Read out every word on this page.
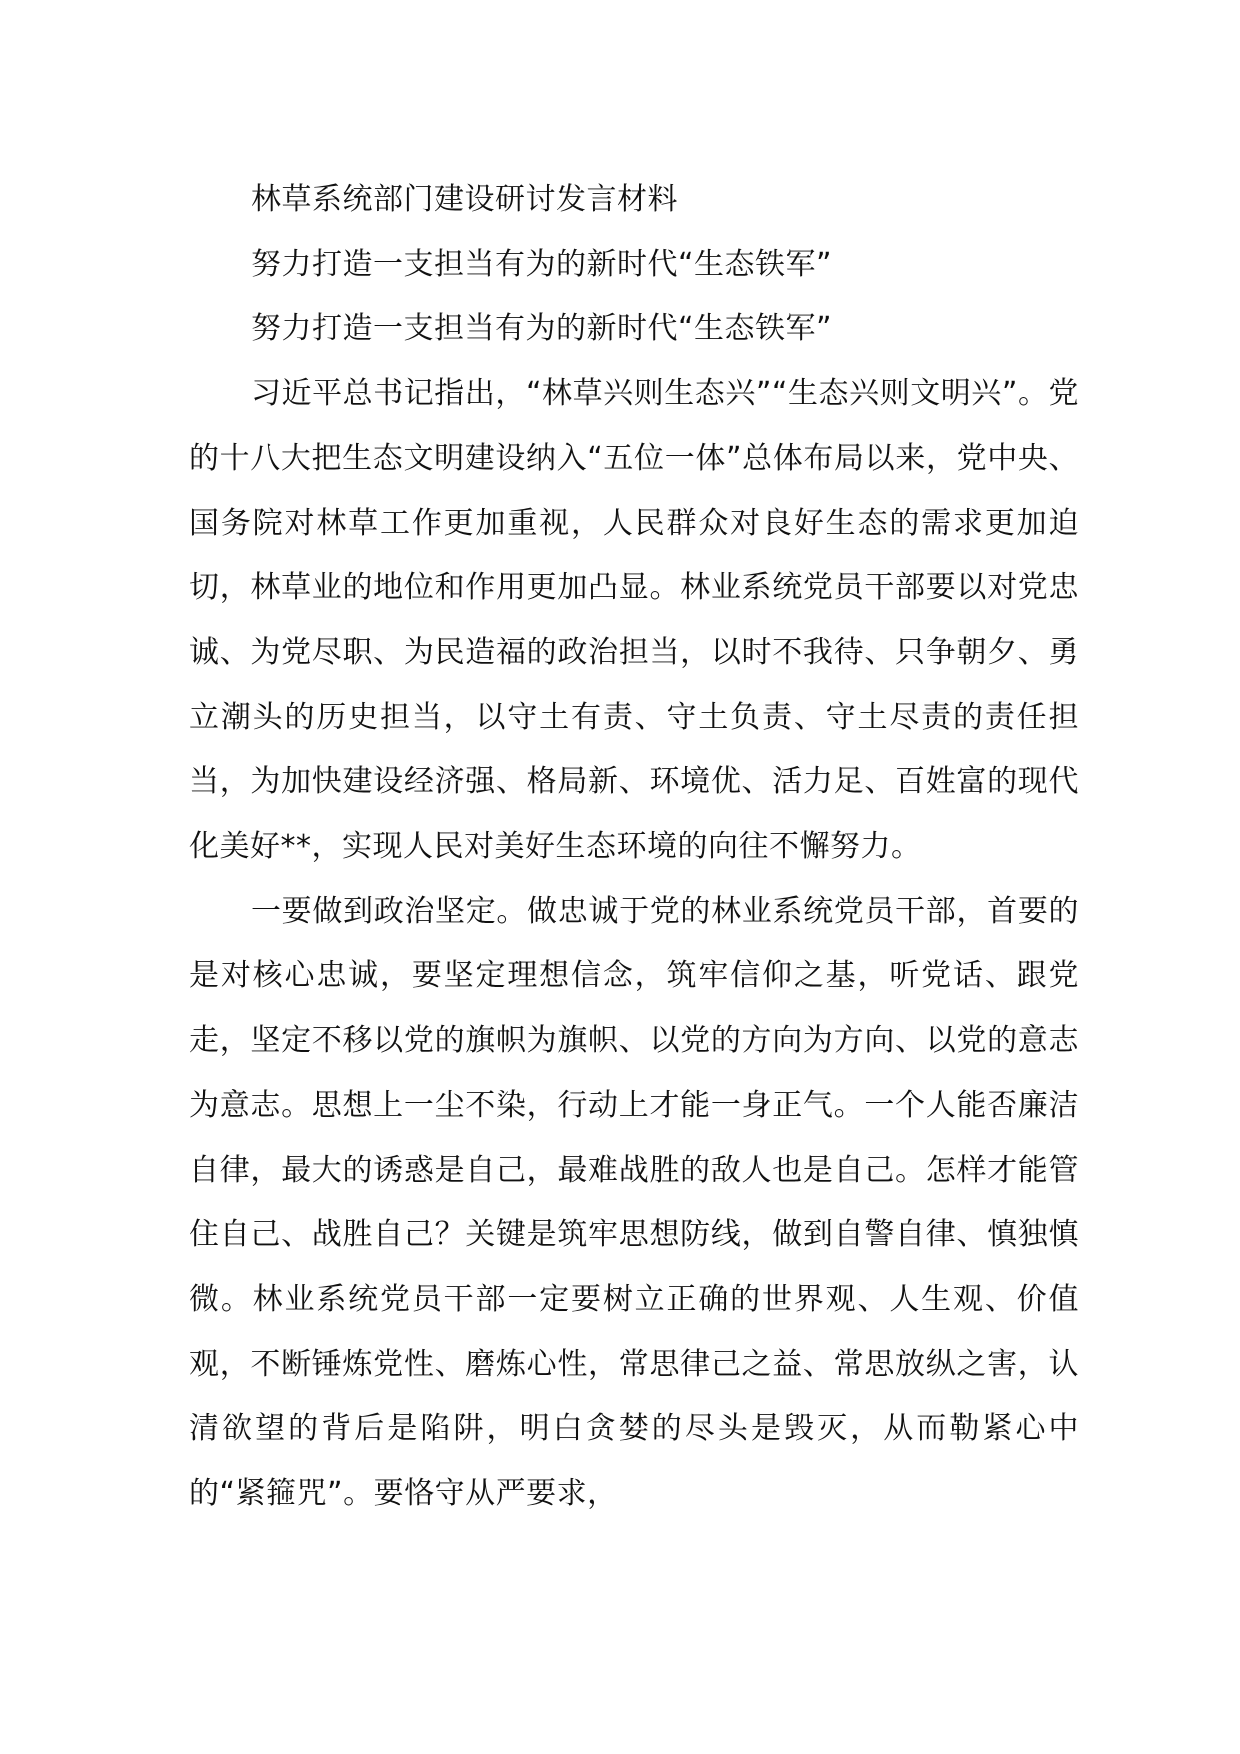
林草系统部门建设研讨发言材料

努力打造一支担当有为的新时代“生态铁军”

努力打造一支担当有为的新时代“生态铁军”

习近平总书记指出，“林草兴则生态兴”“生态兴则文明兴”。党的十八大把生态文明建设纳入“五位一体”总体布局以来，党中央、国务院对林草工作更加重视，人民群众对良好生态的需求更加迫切，林草业的地位和作用更加凸显。林业系统党员干部要以对党忠诚、为党尽职、为民造福的政治担当，以时不我待、只争朝夕、勇立潮头的历史担当，以守土有责、守土负责、守土尽责的责任担当，为加快建设经济强、格局新、环境优、活力足、百姓富的现代化美好**，实现人民对美好生态环境的向往不懈努力。

一要做到政治坚定。做忠诚于党的林业系统党员干部，首要的是对核心忠诚，要坚定理想信念，筑牢信仰之基，听党话、跟党走，坚定不移以党的旗帜为旗帜、以党的方向为方向、以党的意志为意志。思想上一尘不染，行动上才能一身正气。一个人能否廉洁自律，最大的诱惑是自己，最难战胜的敌人也是自己。怎样才能管住自己、战胜自己？关键是筑牢思想防线，做到自警自律、慎独慎微。林业系统党员干部一定要树立正确的世界观、人生观、价值观，不断锤炼党性、磨炼心性，常思律己之益、常思放纵之害，认清欲望的背后是陷阱，明白贪婪的尽头是毁灭，从而勒紧心中的“紧箍咒”。要恪守从严要求，
